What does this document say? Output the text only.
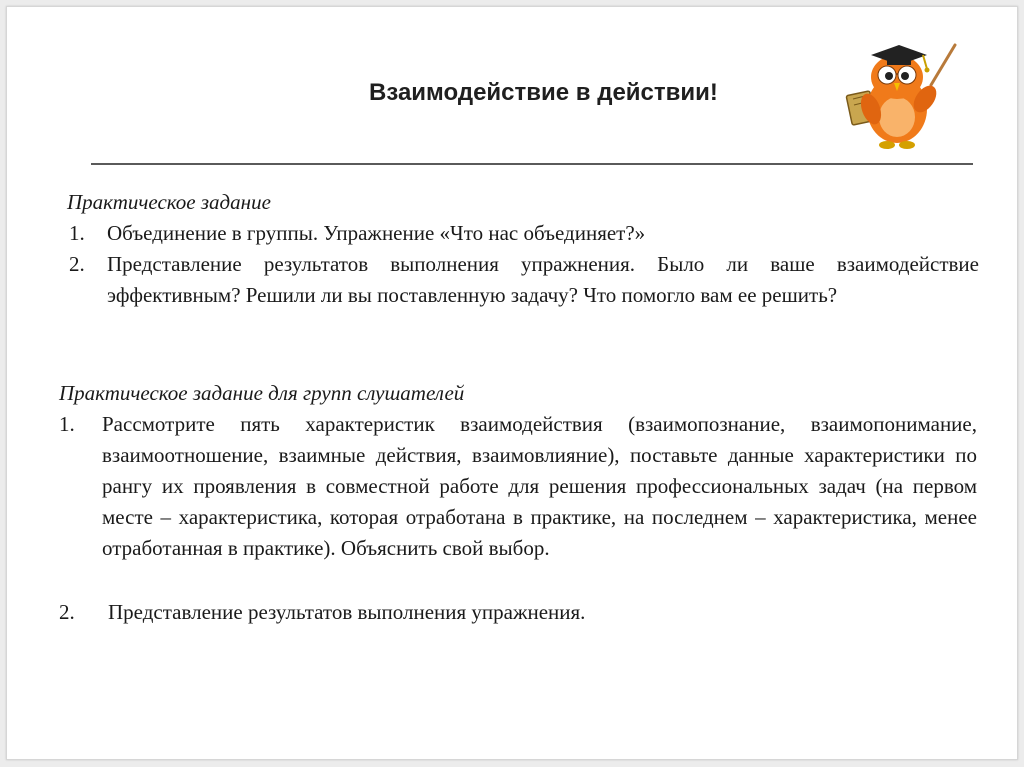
Взаимодействие в действии!
Практическое задание
1.	Объединение в группы. Упражнение «Что нас объединяет?»
2.	Представление результатов выполнения упражнения. Было ли ваше взаимодействие эффективным? Решили ли вы поставленную задачу? Что помогло вам ее решить?
Практическое задание для групп слушателей
1.	Рассмотрите пять характеристик взаимодействия (взаимопознание, взаимопонимание, взаимоотношение, взаимные действия, взаимовлияние), поставьте данные характеристики по рангу их проявления в совместной работе для решения профессиональных задач (на первом месте – характеристика, которая отработана в практике, на последнем – характеристика, менее отработанная в практике). Объяснить свой выбор.
2.	Представление результатов выполнения упражнения.
